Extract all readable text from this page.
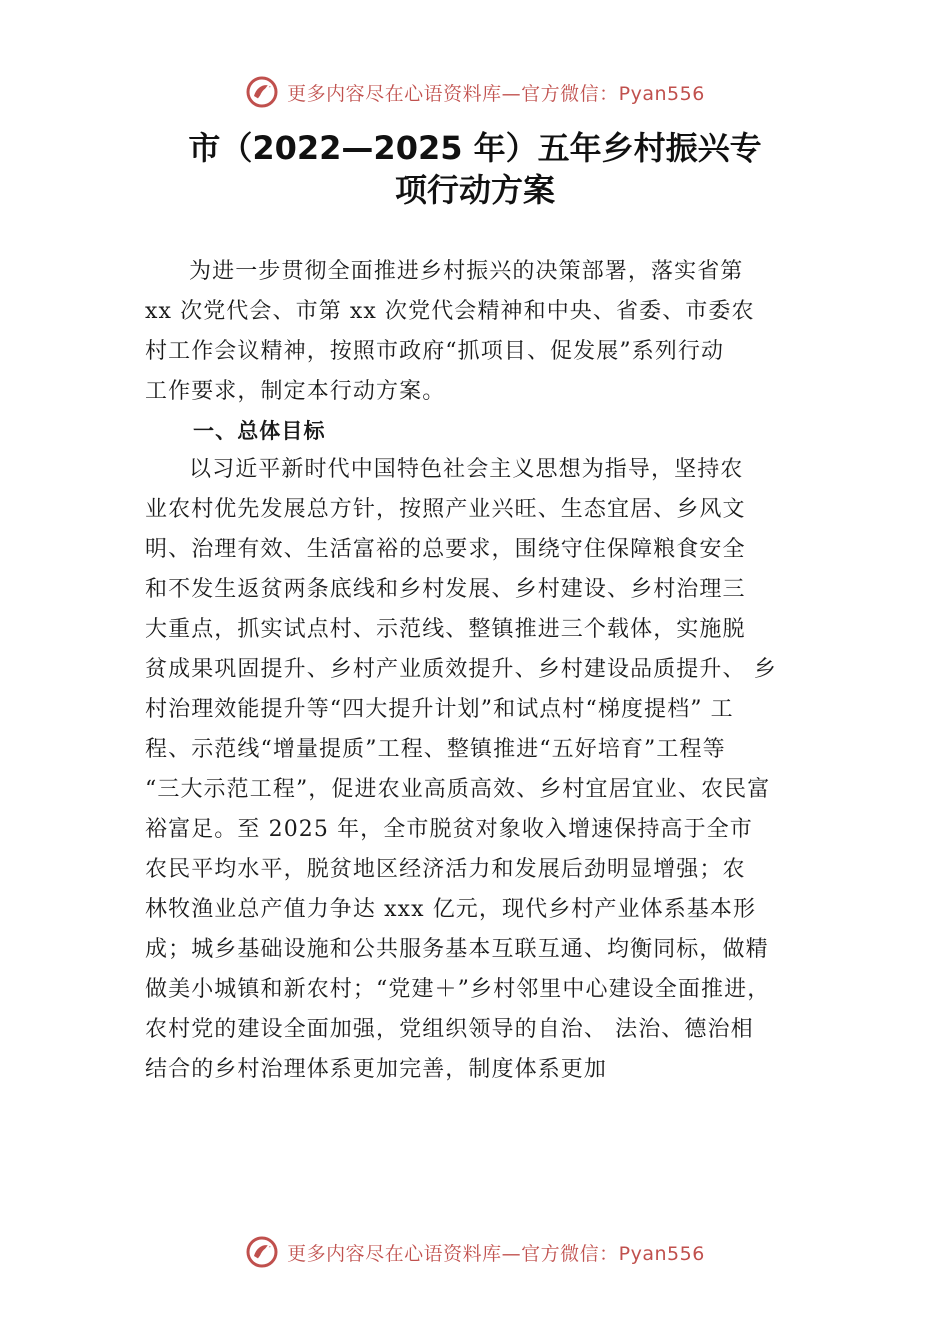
更多内容尽在心语资料库—官方微信：Pyan556
市（2022—2025 年）五年乡村振兴专
项行动方案
为进一步贯彻全面推进乡村振兴的决策部署，落实省第
xx 次党代会、市第 xx 次党代会精神和中央、省委、市委农
村工作会议精神，按照市政府“抓项目、促发展”系列行动
工作要求，制定本行动方案。
一、总体目标
以习近平新时代中国特色社会主义思想为指导，坚持农
业农村优先发展总方针，按照产业兴旺、生态宜居、乡风文
明、治理有效、生活富裕的总要求，围绕守住保障粮食安全
和不发生返贫两条底线和乡村发展、乡村建设、乡村治理三
大重点，抓实试点村、示范线、整镇推进三个载体，实施脱
贫成果巩固提升、乡村产业质效提升、乡村建设品质提升、 乡
村治理效能提升等“四大提升计划”和试点村“梯度提档” 工
程、示范线“增量提质”工程、整镇推进“五好培育”工程等
“三大示范工程”，促进农业高质高效、乡村宜居宜业、农民富
裕富足。至 2025 年，全市脱贫对象收入增速保持高于全市
农民平均水平，脱贫地区经济活力和发展后劲明显增强；农
林牧渔业总产值力争达 xxx 亿元，现代乡村产业体系基本形
成；城乡基础设施和公共服务基本互联互通、均衡同标，做精
做美小城镇和新农村；“党建＋”乡村邻里中心建设全面推进，
农村党的建设全面加强，党组织领导的自治、 法治、德治相
结合的乡村治理体系更加完善，制度体系更加
更多内容尽在心语资料库—官方微信：Pyan556
